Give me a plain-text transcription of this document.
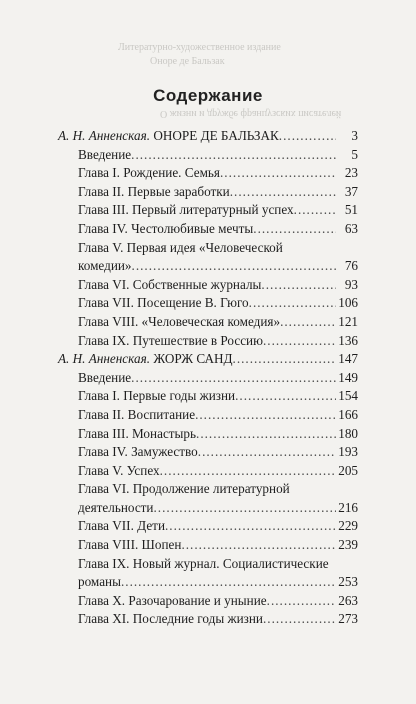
Литературно-художественное издание
Оноре де Бальзак
О жизни и дружбе французских писателей
Содержание
А. Н. Анненская. ОНОРЕ ДЕ БАЛЬЗАК .....	3
Введение .....	5
Глава I. Рождение. Семья .....	23
Глава II. Первые заработки .....	37
Глава III. Первый литературный успех .....	51
Глава IV. Честолюбивые мечты .....	63
Глава V. Первая идея «Человеческой
комедии» .....	76
Глава VI. Собственные журналы .....	93
Глава VII. Посещение В. Гюго .....	106
Глава VIII. «Человеческая комедия» .....	121
Глава IX. Путешествие в Россию .....	136
А. Н. Анненская. ЖОРЖ САНД .....	147
Введение .....	149
Глава I. Первые годы жизни .....	154
Глава II. Воспитание .....	166
Глава III. Монастырь .....	180
Глава IV. Замужество .....	193
Глава V. Успех .....	205
Глава VI. Продолжение литературной
деятельности .....	216
Глава VII. Дети .....	229
Глава VIII. Шопен .....	239
Глава IX. Новый журнал. Социалистические
романы .....	253
Глава X. Разочарование и уныние .....	263
Глава XI. Последние годы жизни .....	273
